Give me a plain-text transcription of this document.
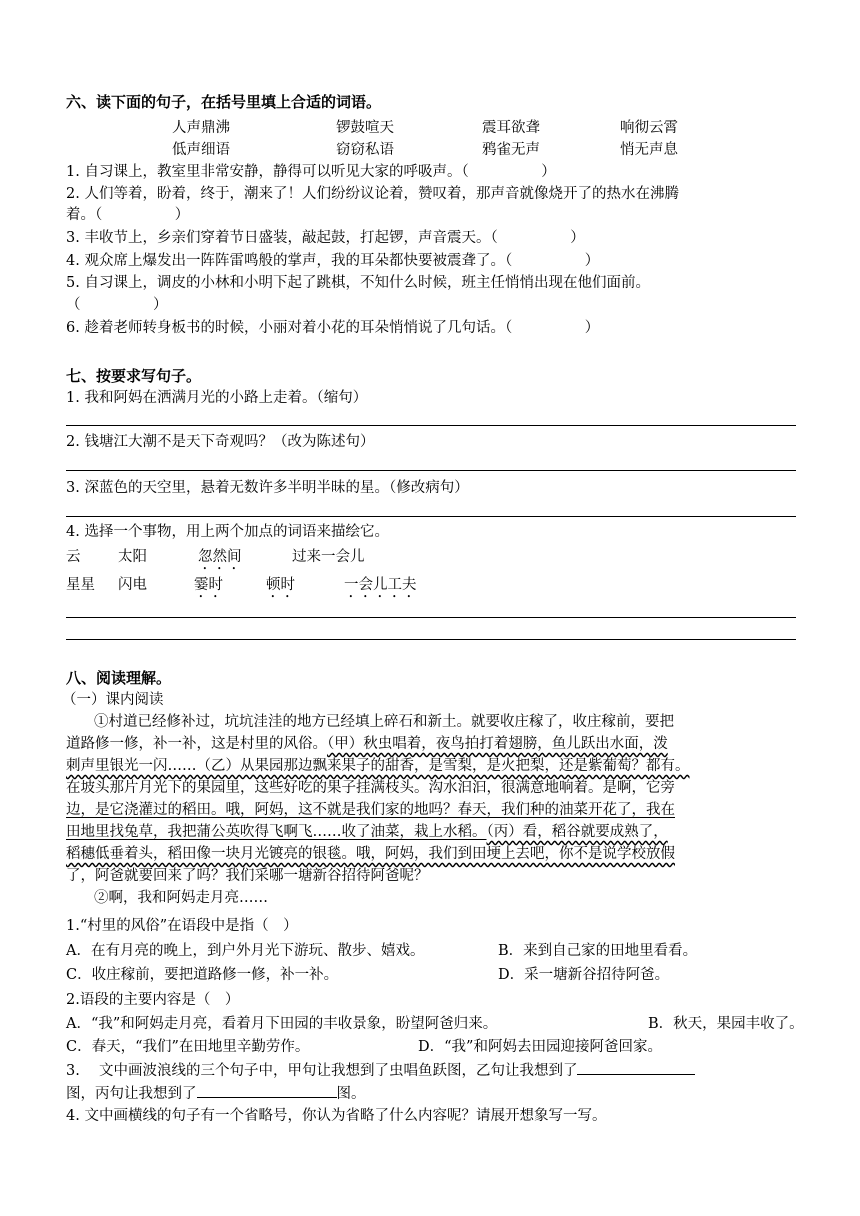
六、读下面的句子，在括号里填上合适的词语。
人声鼎沸	锣鼓喧天	震耳欲聋	响彻云霄
低声细语	窃窃私语	鸦雀无声	悄无声息
1. 自习课上，教室里非常安静，静得可以听见大家的呼吸声。（　　　　　）
2. 人们等着，盼着，终于，潮来了！人们纷纷议论着，赞叹着，那声音就像烧开了的热水在沸腾
着。（　　　　　）
3. 丰收节上，乡亲们穿着节日盛装，敲起鼓，打起锣，声音震天。（　　　　　）
4. 观众席上爆发出一阵阵雷鸣般的掌声，我的耳朵都快要被震聋了。（　　　　　）
5. 自习课上，调皮的小林和小明下起了跳棋，不知什么时候，班主任悄悄出现在他们面前。
（　　　　　）
6. 趁着老师转身板书的时候，小丽对着小花的耳朵悄悄说了几句话。（　　　　　）
七、按要求写句子。
1. 我和阿妈在洒满月光的小路上走着。（缩句）
2. 钱塘江大潮不是天下奇观吗？（改为陈述句）
3. 深蓝色的天空里，悬着无数许多半明半昧的星。（修改病句）
4. 选择一个事物，用上两个加点的词语来描绘它。
云	太阳	忽然间	过来一会儿
星星 闪电	霎时	顿时	一会儿工夫
八、阅读理解。
（一）课内阅读
①村道已经修补过，坑坑洼洼的地方已经填上碎石和新土。就要收庄稼了，收庄稼前，要把
道路修一修，补一补，这是村里的风俗。（甲）秋虫唱着，夜鸟拍打着翅膀，鱼儿跃出水面，泼
刺声里银光一闪……（乙）从果园那边飘来果子的甜香，是雪梨，是火把梨，还是紫葡萄？都有。
在坡头那片月光下的果园里，这些好吃的果子挂满枝头。沟水汩汩，很满意地响着。是啊，它旁
边，是它浇灌过的稻田。哦，阿妈，这不就是我们家的地吗？春天，我们种的油菜开花了，我在
田地里找兔草，我把蒲公英吹得飞啊飞……收了油菜，栽上水稻。（丙）看，稻谷就要成熟了，
稻穗低垂着头，稻田像一块月光镀亮的银毯。哦，阿妈，我们到田埂上去吧，你不是说学校放假
了，阿爸就要回来了吗？我们采哪一塘新谷招待阿爸呢？
②啊，我和阿妈走月亮……
1.“村里的风俗”在语段中是指（　）
A．在有月亮的晚上，到户外月光下游玩、散步、嬉戏。	B．来到自己家的田地里看看。
C．收庄稼前，要把道路修一修，补一补。	D．采一塘新谷招待阿爸。
2.语段的主要内容是（　）
A．“我”和阿妈走月亮，看着月下田园的丰收景象，盼望阿爸归来。	B．秋天，果园丰收了。
C．春天，“我们”在田地里辛勤劳作。	D．“我”和阿妈去田园迎接阿爸回家。
3.　 文中画波浪线的三个句子中，甲句让我想到了虫唱鱼跃图，乙句让我想到了
图，丙句让我想到了	图。
4. 文中画横线的句子有一个省略号，你认为省略了什么内容呢？请展开想象写一写。
